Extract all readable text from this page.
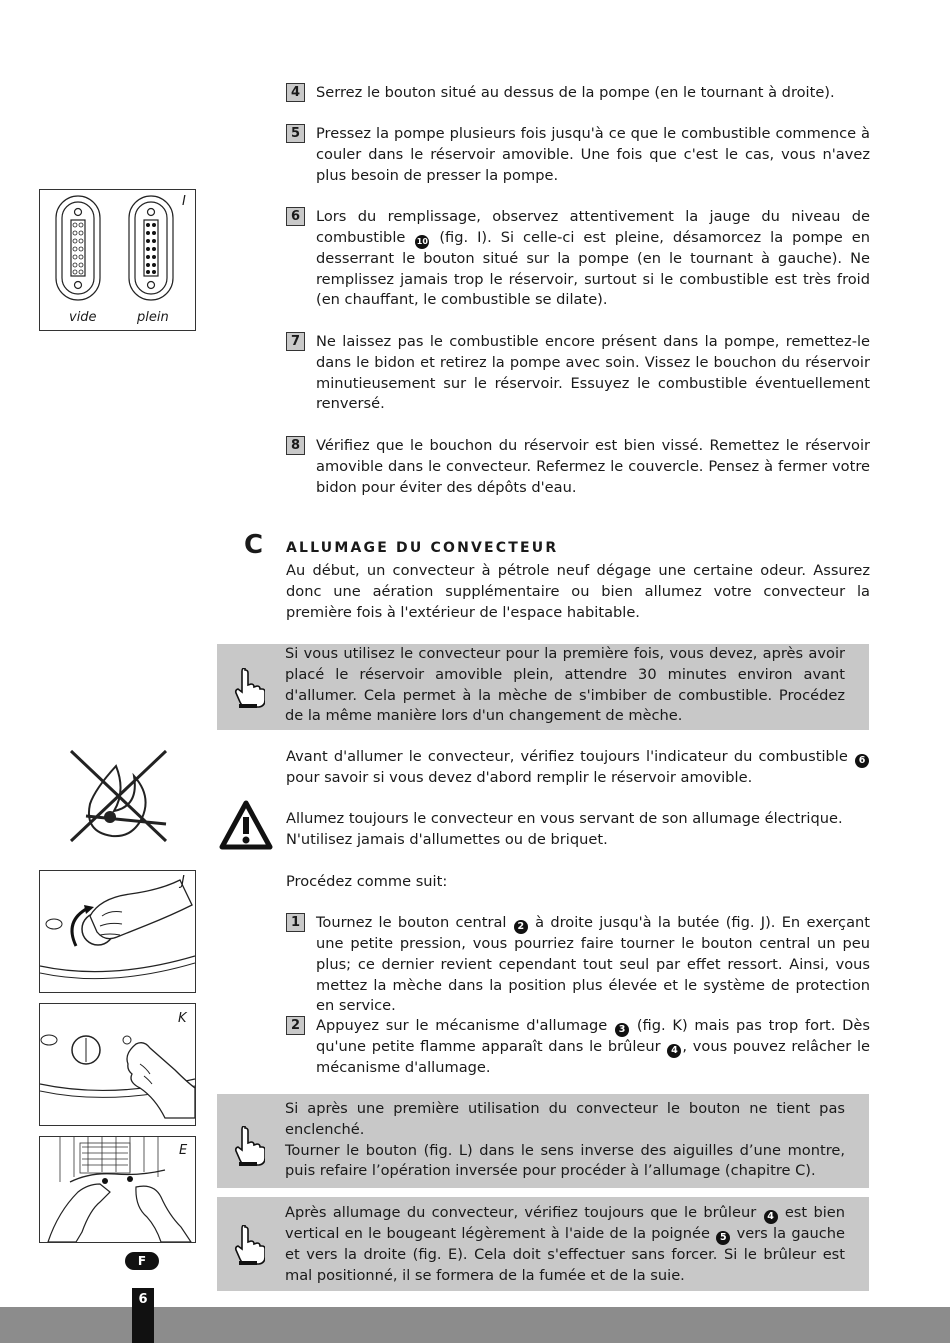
4	Serrez le bouton situé au dessus de la pompe (en le tournant à droite).
5	Pressez la pompe plusieurs fois jusqu'à ce que le combustible commence à couler dans le réservoir amovible. Une fois que c'est le cas, vous n'avez plus besoin de presser la pompe.
6	Lors du remplissage, observez attentivement la jauge du niveau de combustible 10 (fig. I). Si celle-ci est pleine, désamorcez la pompe en desserrant le bouton situé sur la pompe (en le tournant à gauche). Ne remplissez jamais trop le réservoir, surtout si le combustible est très froid (en chauffant, le combustible se dilate).
7	Ne laissez pas le combustible encore présent dans la pompe, remettez-le dans le bidon et retirez la pompe avec soin. Vissez le bouchon du réservoir minutieusement sur le réservoir. Essuyez le combustible éventuellement renversé.
8	Vérifiez que le bouchon du réservoir est bien vissé. Remettez le réservoir amovible dans le convecteur. Refermez le couvercle. Pensez à fermer votre bidon pour éviter des dépôts d'eau.
I
vide	plein
C ALLUMAGE DU CONVECTEUR
Au début, un convecteur à pétrole neuf dégage une certaine odeur. Assurez donc une aération supplémentaire ou bien allumez votre convecteur la première fois à l'extérieur de l'espace habitable.
Si vous utilisez le convecteur pour la première fois, vous devez, après avoir placé le réservoir amovible plein, attendre 30 minutes environ avant d'allumer. Cela permet à la mèche de s'imbiber de combustible. Procédez de la même manière lors d'un changement de mèche.
Avant d'allumer le convecteur, vérifiez toujours l'indicateur du combustible 6 pour savoir si vous devez d'abord remplir le réservoir amovible.
Allumez toujours le convecteur en vous servant de son allumage électrique. N'utilisez jamais d'allumettes ou de briquet.
Procédez comme suit:
1	Tournez le bouton central 2 à droite jusqu'à la butée (fig. J). En exerçant une petite pression, vous pourriez faire tourner le bouton central un peu plus; ce dernier revient cependant tout seul par effet ressort. Ainsi, vous mettez la mèche dans la position plus élevée et le système de protection en service.
2	Appuyez sur le mécanisme d'allumage 3 (fig. K) mais pas trop fort. Dès qu'une petite flamme apparaît dans le brûleur 4 , vous pouvez relâcher le mécanisme d'allumage.
J
K
E
Si après une première utilisation du convecteur le bouton ne tient pas enclenché.
Tourner le bouton (fig. L) dans le sens inverse des aiguilles d’une montre, puis refaire l’opération inversée pour procéder à l’allumage (chapitre C).
Après allumage du convecteur, vérifiez toujours que le brûleur 4 est bien vertical en le bougeant légèrement à l'aide de la poignée 5 vers la gauche et vers la droite (fig. E). Cela doit s'effectuer sans forcer. Si le brûleur est mal positionné, il se formera de la fumée et de la suie.
F
6
